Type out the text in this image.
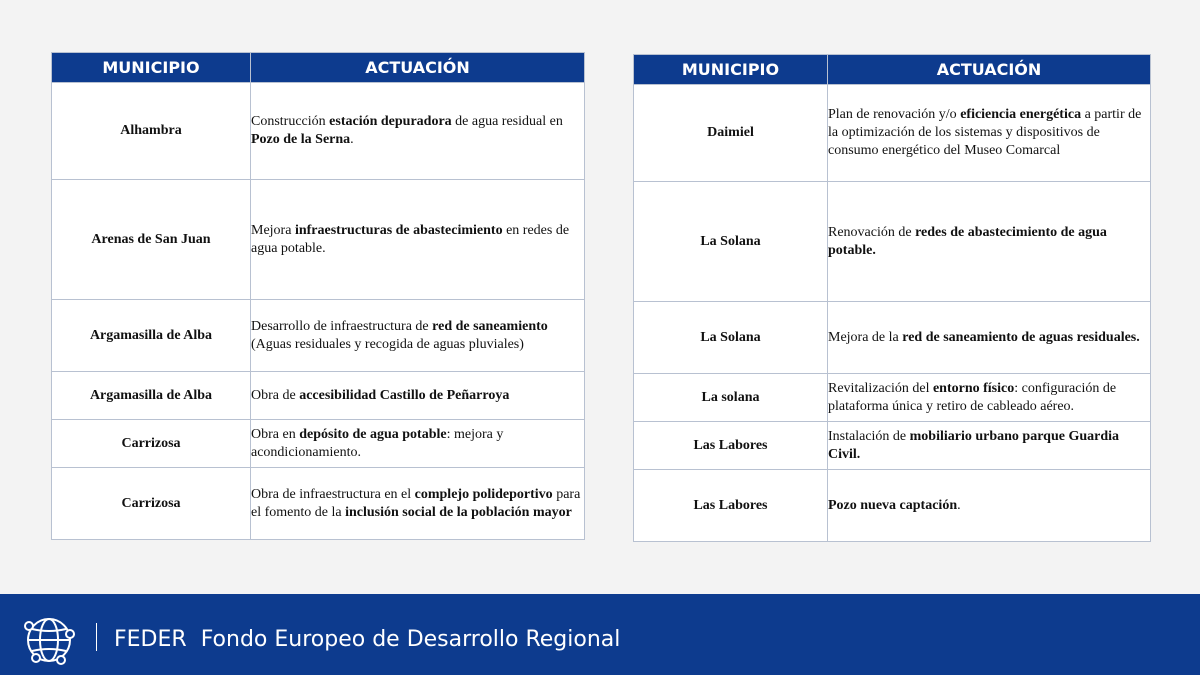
MUNICIPIO	ACTUACIÓN
Alhambra	Construcción estación depuradora de agua residual en Pozo de la Serna.
Arenas de San Juan	Mejora infraestructuras de abastecimiento en redes de agua potable.
Argamasilla de Alba	Desarrollo de infraestructura de red de saneamiento (Aguas residuales y recogida de aguas pluviales)
Argamasilla de Alba	Obra de accesibilidad Castillo de Peñarroya
Carrizosa	Obra en depósito de agua potable: mejora y acondicionamiento.
Carrizosa	Obra de infraestructura en el complejo polideportivo para el fomento de la inclusión social de la población mayor
MUNICIPIO	ACTUACIÓN
Daimiel	Plan de renovación y/o eficiencia energética a partir de la optimización de los sistemas y dispositivos de consumo energético del Museo Comarcal
La Solana	Renovación de redes de abastecimiento de agua potable.
La Solana	Mejora de la red de saneamiento de aguas residuales.
La solana	Revitalización del entorno físico: configuración de plataforma única y retiro de cableado aéreo.
Las Labores	Instalación de mobiliario urbano parque Guardia Civil.
Las Labores	Pozo nueva captación.
FEDER Fondo Europeo de Desarrollo Regional
